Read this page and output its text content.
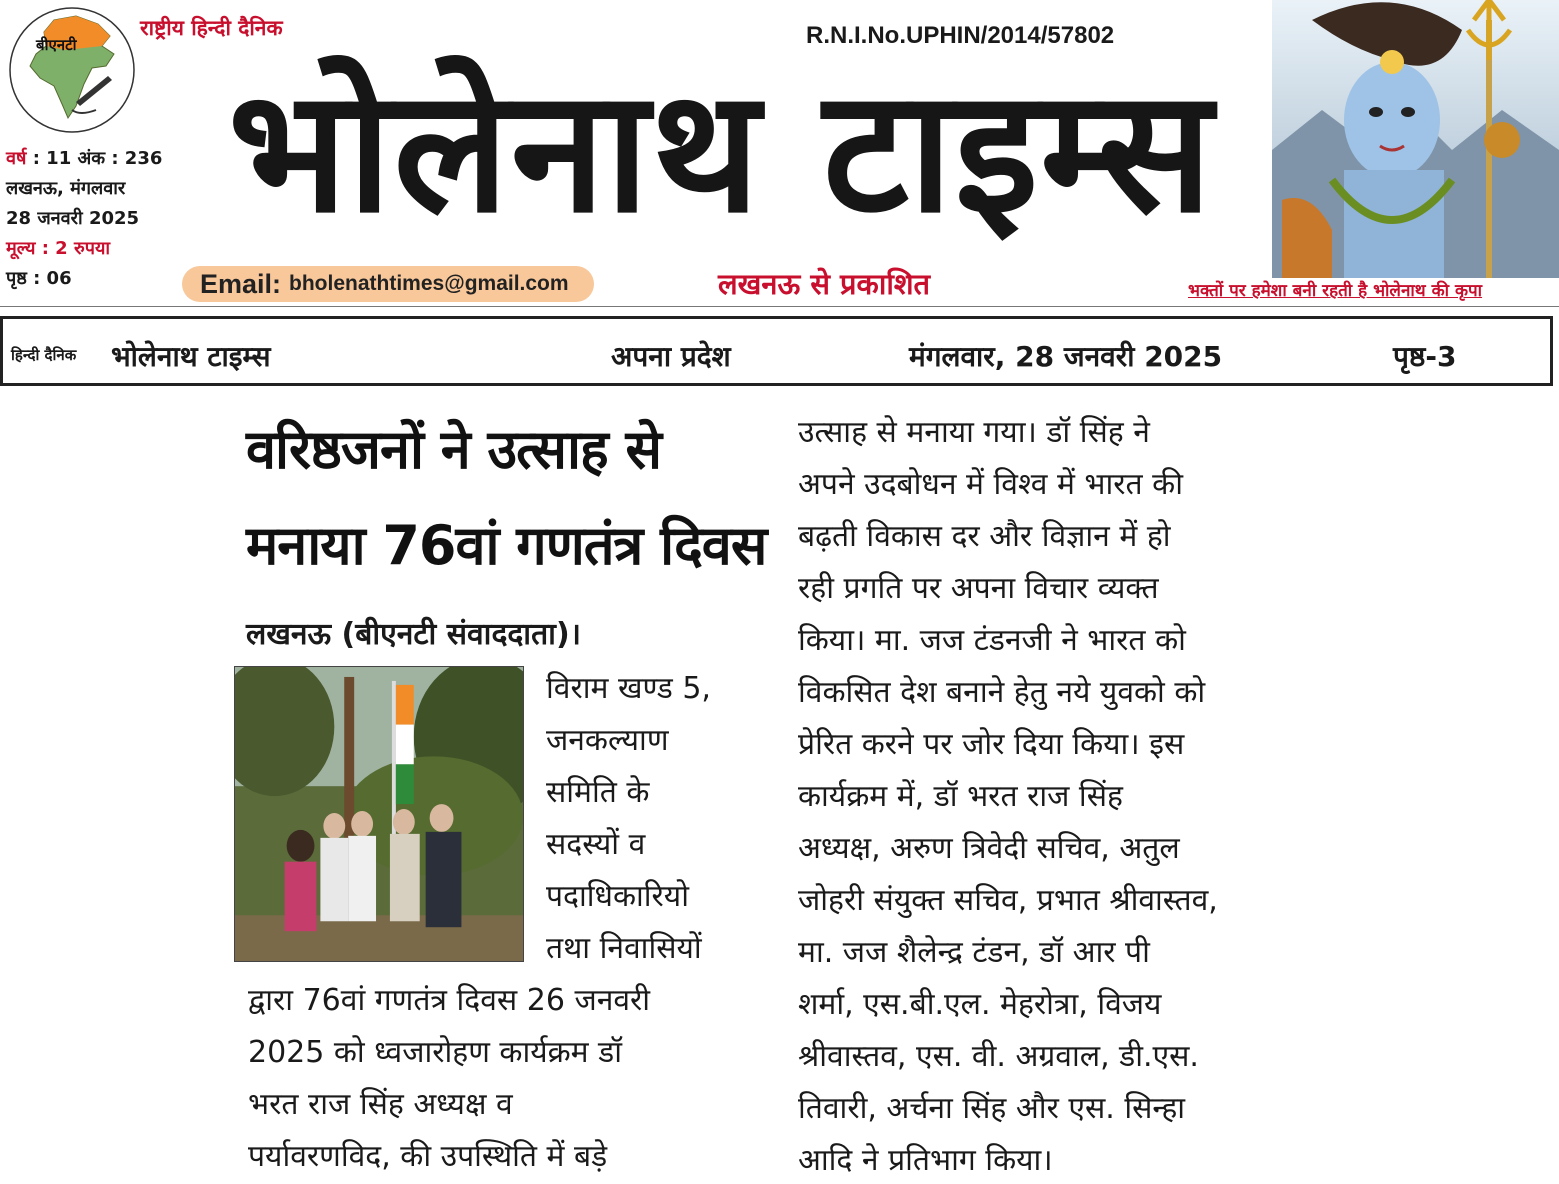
बीएनटी
राष्ट्रीय हिन्दी दैनिक
वर्ष : 11 अंक : 236
लखनऊ, मंगलवार
28 जनवरी 2025
मूल्य : 2 रुपया
पृष्ठ : 06
R.N.I.No.UPHIN/2014/57802
भोलेनाथ टाइम्स
Email: bholenathtimes@gmail.com	लखनऊ से प्रकाशित	भक्तों पर हमेशा बनी रहती है भोलेनाथ की कृपा
हिन्दी दैनिक भोलेनाथ टाइम्स	अपना प्रदेश	मंगलवार, 28 जनवरी 2025	पृष्ठ-3
वरिष्ठजनों ने उत्साह से
मनाया 76वां गणतंत्र दिवस
लखनऊ (बीएनटी संवाददाता)।
विराम खण्ड 5,
जनकल्याण
समिति के
सदस्यों व
पदाधिकारियो
तथा निवासियों
द्वारा 76वां गणतंत्र दिवस 26 जनवरी
2025 को ध्वजारोहण कार्यक्रम डॉ
भरत राज सिंह अध्यक्ष व
पर्यावरणविद, की उपस्थिति में बड़े
उत्साह से मनाया गया। डॉ सिंह ने
अपने उदबोधन में विश्व में भारत की
बढ़ती विकास दर और विज्ञान में हो
रही प्रगति पर अपना विचार व्यक्त
किया। मा. जज टंडनजी ने भारत को
विकसित देश बनाने हेतु नये युवको को
प्रेरित करने पर जोर दिया किया। इस
कार्यक्रम में, डॉ भरत राज सिंह
अध्यक्ष, अरुण त्रिवेदी सचिव, अतुल
जोहरी संयुक्त सचिव, प्रभात श्रीवास्तव,
मा. जज शैलेन्द्र टंडन, डॉ आर पी
शर्मा, एस.बी.एल. मेहरोत्रा, विजय
श्रीवास्तव, एस. वी. अग्रवाल, डी.एस.
तिवारी, अर्चना सिंह और एस. सिन्हा
आदि ने प्रतिभाग किया।
